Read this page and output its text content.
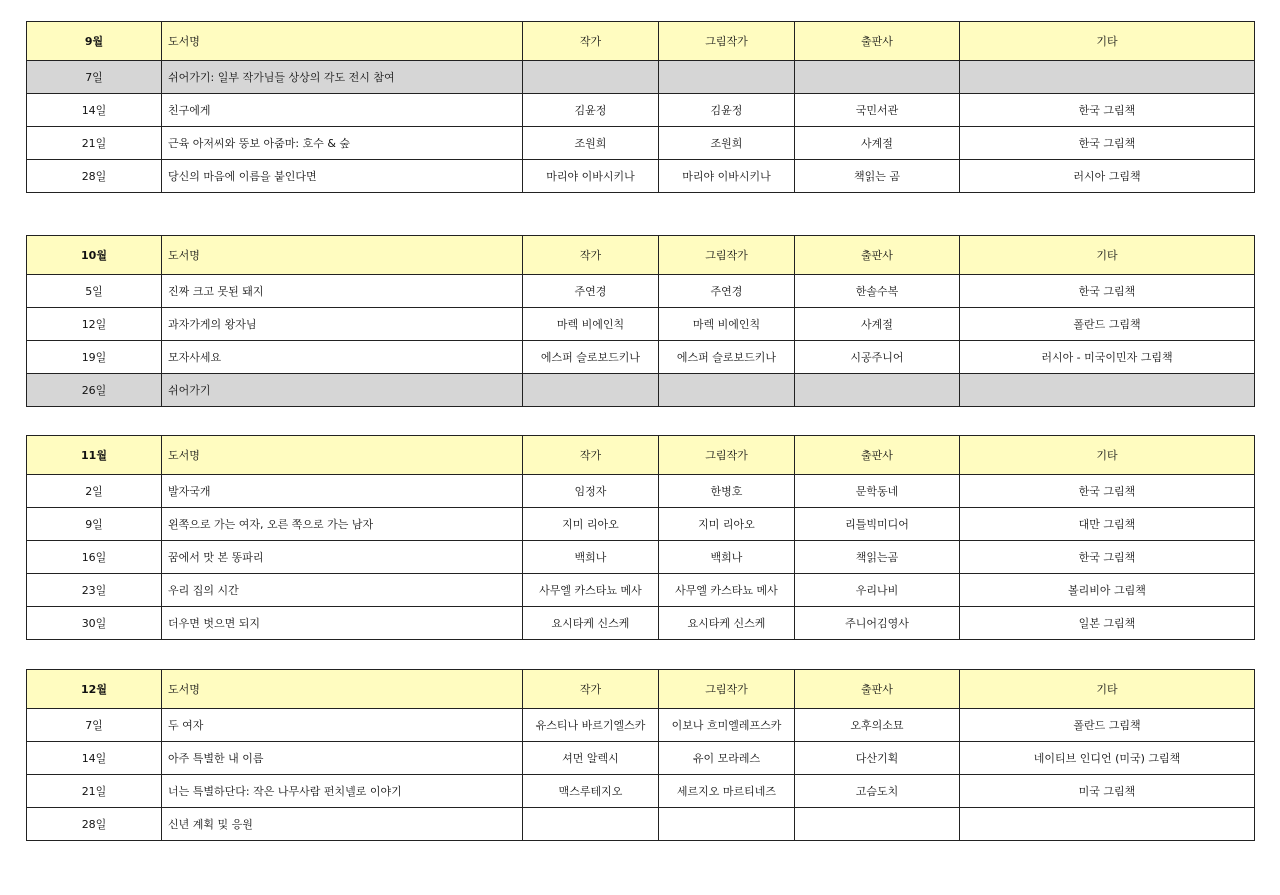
9월	도서명	작가	그림작가	출판사	기타
7일	쉬어가기: 일부 작가님들 상상의 각도 전시 참여				
14일	친구에게	김윤정	김윤정	국민서관	한국 그림책
21일	근육 아저씨와 뚱보 아줌마: 호수 & 숲	조원희	조원희	사계절	한국 그림책
28일	당신의 마음에 이름을 붙인다면	마리야 이바시키나	마리야 이바시키나	책읽는 곰	러시아 그림책
10월	도서명	작가	그림작가	출판사	기타
5일	진짜 크고 못된 돼지	주연경	주연경	한솔수복	한국 그림책
12일	과자가게의 왕자님	마렉 비에인칙	마렉 비에인칙	사계절	폴란드 그림책
19일	모자사세요	에스퍼 슬로보드키나	에스퍼 슬로보드키나	시공주니어	러시아 - 미국이민자 그림책
26일	쉬어가기				
11월	도서명	작가	그림작가	출판사	기타
2일	발자국개	임정자	한병호	문학동네	한국 그림책
9일	왼쪽으로 가는 여자, 오른 쪽으로 가는 남자	지미 리아오	지미 리아오	리틀빅미디어	대만 그림책
16일	꿈에서 맛 본 똥파리	백희나	백희나	책읽는곰	한국 그림책
23일	우리 집의 시간	사무엘 카스타뇨 메사	사무엘 카스타뇨 메사	우리나비	볼리비아 그림책
30일	더우면 벗으면 되지	요시타케 신스케	요시타케 신스케	주니어김영사	일본 그림책
12월	도서명	작가	그림작가	출판사	기타
7일	두 여자	유스티나 바르기엘스카	이보나 흐미엘레프스카	오후의소묘	폴란드 그림책
14일	아주 특별한 내 이름	셔먼 알렉시	유이 모라레스	다산기획	네이티브 인디언 (미국) 그림책
21일	너는 특별하단다: 작은 나무사람 펀치넬로 이야기	맥스루테지오	세르지오 마르티네즈	고슴도치	미국 그림책
28일	신년 계획 및 응원				
